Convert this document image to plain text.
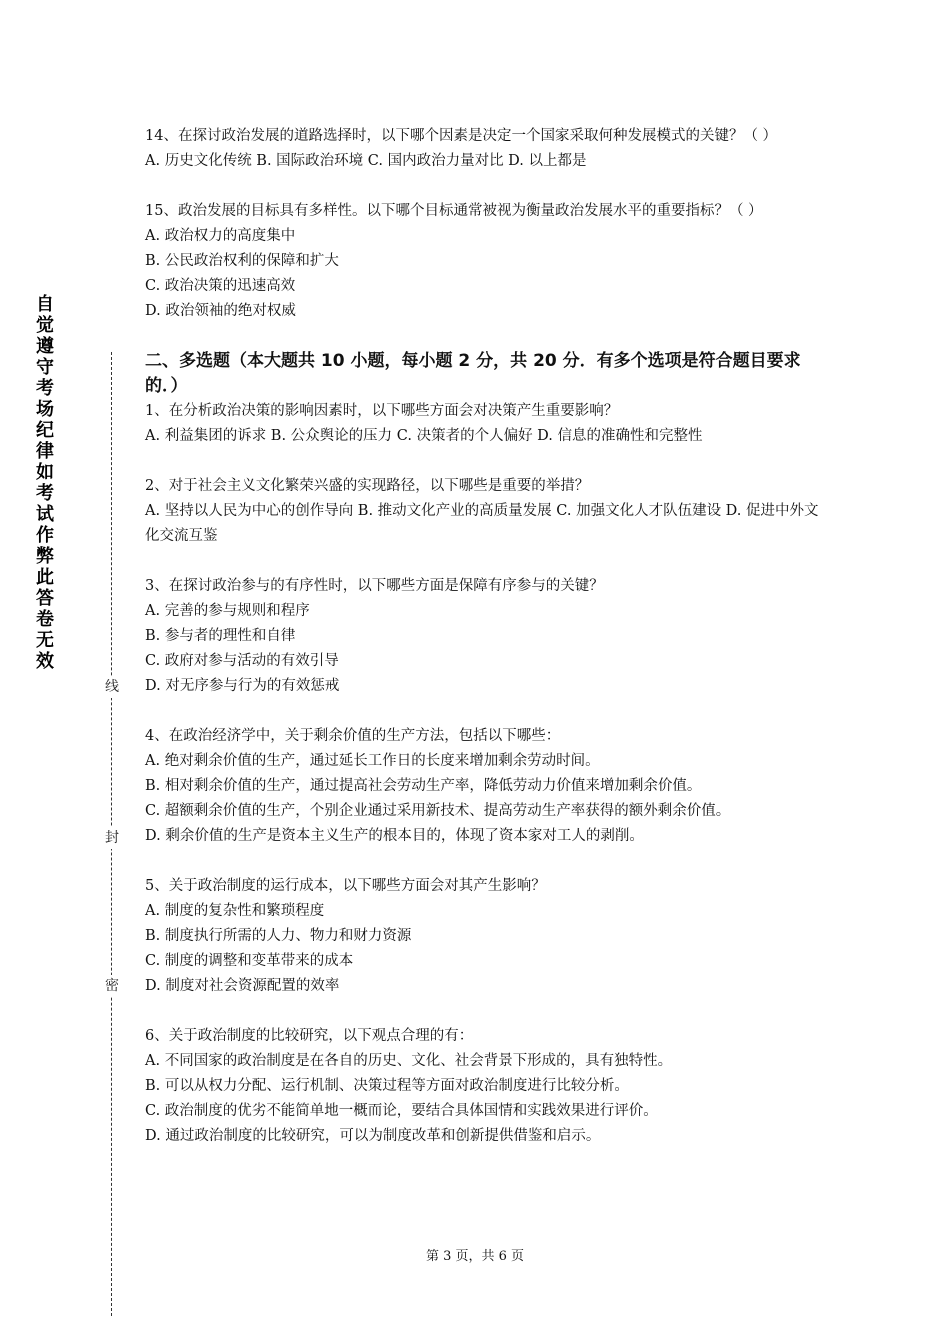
自觉遵守考场纪律如考试作弊此答卷无效
线
封
密
14、在探讨政治发展的道路选择时，以下哪个因素是决定一个国家采取何种发展模式的关键？（ ）
A. 历史文化传统 B. 国际政治环境 C. 国内政治力量对比 D. 以上都是
15、政治发展的目标具有多样性。以下哪个目标通常被视为衡量政治发展水平的重要指标？（ ）
A. 政治权力的高度集中
B. 公民政治权利的保障和扩大
C. 政治决策的迅速高效
D. 政治领袖的绝对权威
二、多选题（本大题共 10 小题，每小题 2 分，共 20 分．有多个选项是符合题目要求的．）
1、在分析政治决策的影响因素时，以下哪些方面会对决策产生重要影响？
A. 利益集团的诉求 B. 公众舆论的压力 C. 决策者的个人偏好 D. 信息的准确性和完整性
2、对于社会主义文化繁荣兴盛的实现路径，以下哪些是重要的举措？
A. 坚持以人民为中心的创作导向 B. 推动文化产业的高质量发展 C. 加强文化人才队伍建设 D. 促进中外文化交流互鉴
3、在探讨政治参与的有序性时，以下哪些方面是保障有序参与的关键？
A. 完善的参与规则和程序
B. 参与者的理性和自律
C. 政府对参与活动的有效引导
D. 对无序参与行为的有效惩戒
4、在政治经济学中，关于剩余价值的生产方法，包括以下哪些：
A. 绝对剩余价值的生产，通过延长工作日的长度来增加剩余劳动时间。
B. 相对剩余价值的生产，通过提高社会劳动生产率，降低劳动力价值来增加剩余价值。
C. 超额剩余价值的生产，个别企业通过采用新技术、提高劳动生产率获得的额外剩余价值。
D. 剩余价值的生产是资本主义生产的根本目的，体现了资本家对工人的剥削。
5、关于政治制度的运行成本，以下哪些方面会对其产生影响？
A. 制度的复杂性和繁琐程度
B. 制度执行所需的人力、物力和财力资源
C. 制度的调整和变革带来的成本
D. 制度对社会资源配置的效率
6、关于政治制度的比较研究，以下观点合理的有：
A. 不同国家的政治制度是在各自的历史、文化、社会背景下形成的，具有独特性。
B. 可以从权力分配、运行机制、决策过程等方面对政治制度进行比较分析。
C. 政治制度的优劣不能简单地一概而论，要结合具体国情和实践效果进行评价。
D. 通过政治制度的比较研究，可以为制度改革和创新提供借鉴和启示。
第 3 页，共 6 页
